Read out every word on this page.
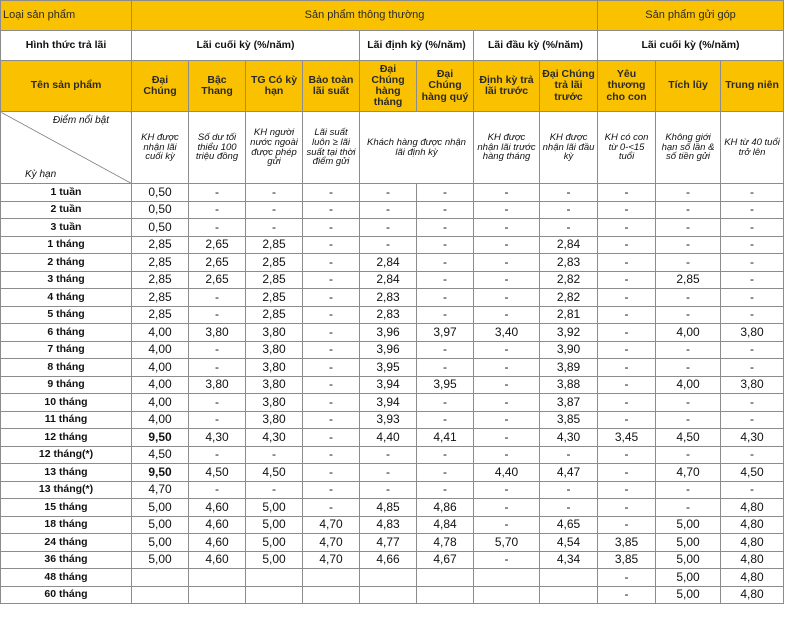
Loại sản phẩm	Sản phẩm thông thường								Sản phẩm gửi góp		
Hình thức trả lãi	Lãi cuối kỳ (%/năm)				Lãi định kỳ (%/năm)		Lãi đầu kỳ (%/năm)		Lãi cuối kỳ (%/năm)		
Tên sản phẩm	Đại Chúng	Bậc Thang	TG Có kỳ hạn	Bảo toàn lãi suất	Đại Chúng hàng tháng	Đại Chúng hàng quý	Định kỳ trả lãi trước	Đại Chúng trả lãi trước	Yêu thương cho con	Tích lũy	Trung niên

Điểm nổi bật
Kỳ hạn	KH được nhận lãi cuối kỳ	Số dư tối thiểu 100 triệu đồng	KH người nước ngoài được phép gửi	Lãi suất luôn ≥ lãi suất tại thời điểm gửi	Khách hàng được nhận lãi định kỳ		KH được nhận lãi trước hàng tháng	KH được nhận lãi đầu kỳ	KH có con từ 0-<15 tuổi	Không giới hạn số lần & số tiền gửi	KH từ 40 tuổi trở lên
1 tuần	0,50	-	-	-	-	-	-	-	-	-	-
2 tuần	0,50	-	-	-	-	-	-	-	-	-	-
3 tuần	0,50	-	-	-	-	-	-	-	-	-	-
1 tháng	2,85	2,65	2,85	-	-	-	-	2,84	-	-	-
2 tháng	2,85	2,65	2,85	-	2,84	-	-	2,83	-	-	-
3 tháng	2,85	2,65	2,85	-	2,84	-	-	2,82	-	2,85	-
4 tháng	2,85	-	2,85	-	2,83	-	-	2,82	-	-	-
5 tháng	2,85	-	2,85	-	2,83	-	-	2,81	-	-	-
6 tháng	4,00	3,80	3,80	-	3,96	3,97	3,40	3,92	-	4,00	3,80
7 tháng	4,00	-	3,80	-	3,96	-	-	3,90	-	-	-
8 tháng	4,00	-	3,80	-	3,95	-	-	3,89	-	-	-
9 tháng	4,00	3,80	3,80	-	3,94	3,95	-	3,88	-	4,00	3,80
10 tháng	4,00	-	3,80	-	3,94	-	-	3,87	-	-	-
11 tháng	4,00	-	3,80	-	3,93	-	-	3,85	-	-	-
12 tháng	9,50	4,30	4,30	-	4,40	4,41	-	4,30	3,45	4,50	4,30
12 tháng(*)	4,50	-	-	-	-	-	-	-	-	-	-
13 tháng	9,50	4,50	4,50	-	-	-	4,40	4,47	-	4,70	4,50
13 tháng(*)	4,70	-	-	-	-	-	-	-	-	-	-
15 tháng	5,00	4,60	5,00	-	4,85	4,86	-	-	-	-	4,80
18 tháng	5,00	4,60	5,00	4,70	4,83	4,84	-	4,65	-	5,00	4,80
24 tháng	5,00	4,60	5,00	4,70	4,77	4,78	5,70	4,54	3,85	5,00	4,80
36 tháng	5,00	4,60	5,00	4,70	4,66	4,67	-	4,34	3,85	5,00	4,80
48 tháng									-	5,00	4,80
60 tháng									-	5,00	4,80
